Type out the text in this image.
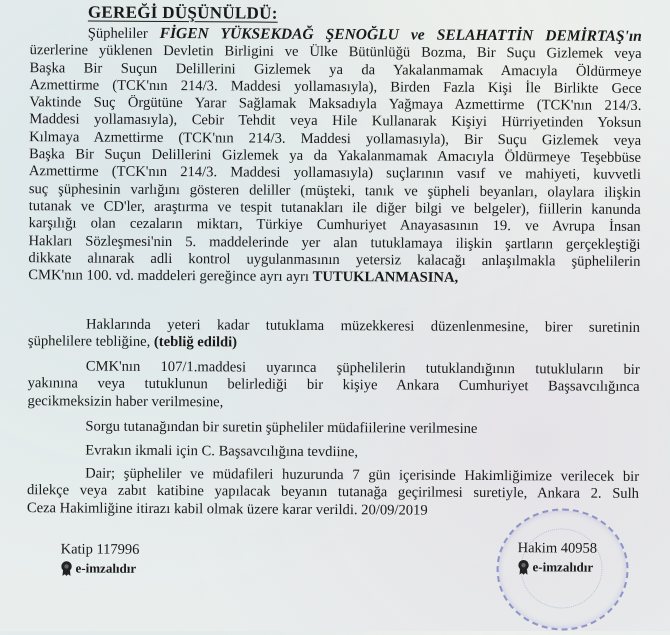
GEREĞİ DÜŞÜNÜLDÜ:
Şüpheliler FİGEN YÜKSEKDAĞ ŞENOĞLU ve SELAHATTİN DEMİRTAŞ'ın
üzerlerine yüklenen Devletin Birligini ve Ülke Bütünlüğü Bozma, Bir Suçu Gizlemek veya
Başka Bir Suçun Delillerini Gizlemek ya da Yakalanmamak Amacıyla Öldürmeye
Azmettirme (TCK'nın 214/3. Maddesi yollamasıyla), Birden Fazla Kişi İle Birlikte Gece
Vaktinde Suç Örgütüne Yarar Sağlamak Maksadıyla Yağmaya Azmettirme (TCK'nın 214/3.
Maddesi yollamasıyla), Cebir Tehdit veya Hile Kullanarak Kişiyi Hürriyetinden Yoksun
Kılmaya Azmettirme (TCK'nın 214/3. Maddesi yollamasıyla), Bir Suçu Gizlemek veya
Başka Bir Suçun Delillerini Gizlemek ya da Yakalanmamak Amacıyla Öldürmeye Teşebbüse
Azmettirme (TCK'nın 214/3. Maddesi yollamasıyla) suçlarının vasıf ve mahiyeti, kuvvetli
suç şüphesinin varlığını gösteren deliller (müşteki, tanık ve şüpheli beyanları, olaylara ilişkin
tutanak ve CD'ler, araştırma ve tespit tutanakları ile diğer bilgi ve belgeler), fiillerin kanunda
karşılığı olan cezaların miktarı, Türkiye Cumhuriyet Anayasasının 19. ve Avrupa İnsan
Hakları Sözleşmesi'nin 5. maddelerinde yer alan tutuklamaya ilişkin şartların gerçekleştiği
dikkate alınarak adli kontrol uygulanmasının yetersiz kalacağı anlaşılmakla şüphelilerin
CMK'nın 100. vd. maddeleri gereğince ayrı ayrı TUTUKLANMASINA,
Haklarında yeteri kadar tutuklama müzekkeresi düzenlenmesine, birer suretinin
şüphelilere tebliğine, (tebliğ edildi)
CMK'nın 107/1.maddesi uyarınca şüphelilerin tutuklandığının tutukluların bir
yakınına veya tutuklunun belirlediği bir kişiye Ankara Cumhuriyet Başsavcılığınca
gecikmeksizin haber verilmesine,
Sorgu tutanağından bir suretin şüpheliler müdafiilerine verilmesine
Evrakın ikmali için C. Başsavcılığına tevdiine,
Dair; şüpheliler ve müdafileri huzurunda 7 gün içerisinde Hakimliğimize verilecek bir
dilekçe veya zabıt katibine yapılacak beyanın tutanağa geçirilmesi suretiyle, Ankara 2. Sulh
Ceza Hakimliğine itirazı kabil olmak üzere karar verildi. 20/09/2019
Katip 117996
e-imzalıdır
Hakim 40958
e-imzalıdır
